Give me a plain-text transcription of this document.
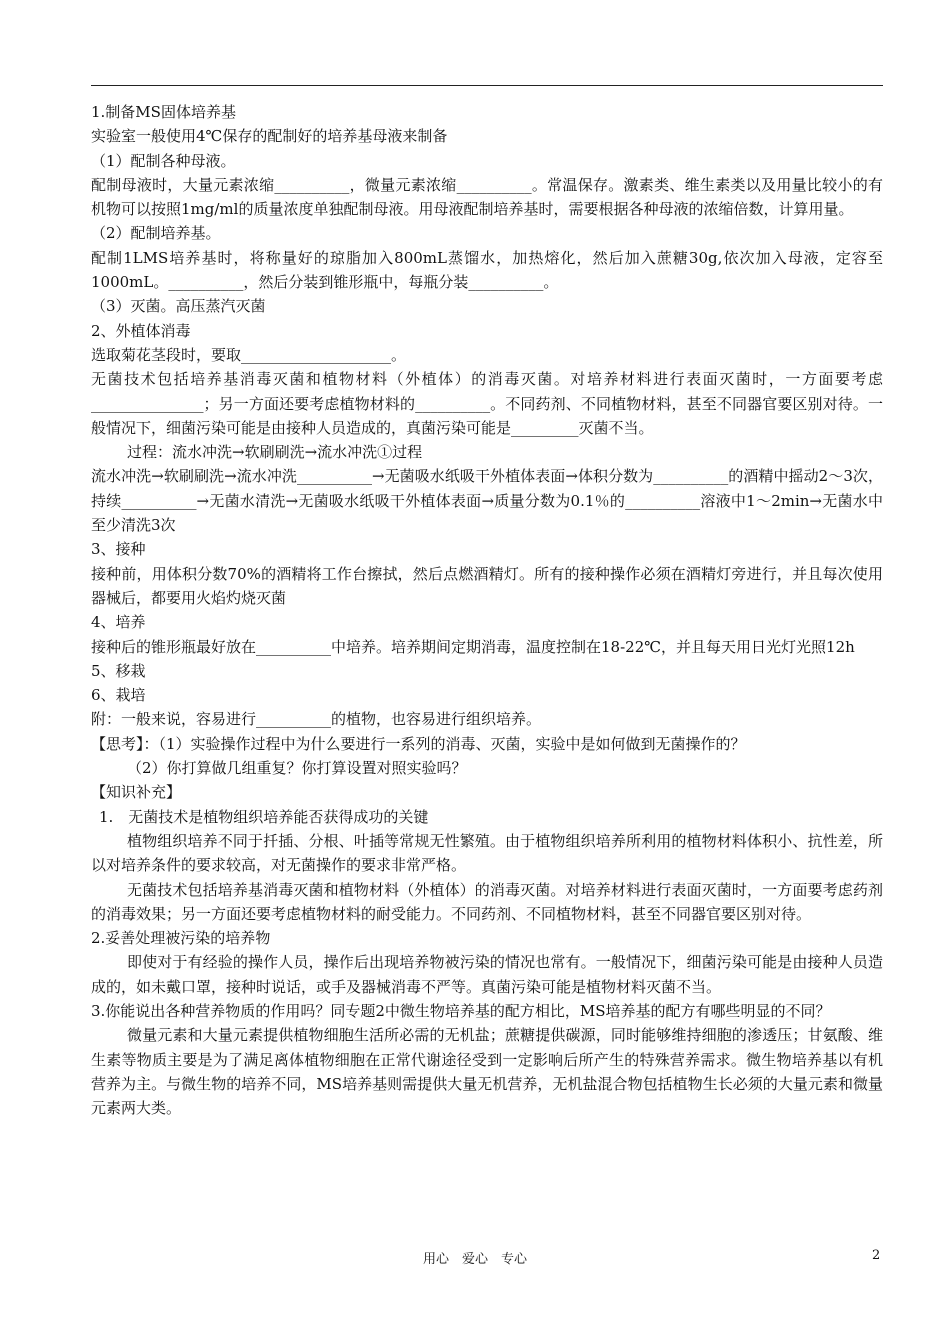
1.制备MS固体培养基

实验室一般使用4℃保存的配制好的培养基母液来制备

（1）配制各种母液。

配制母液时，大量元素浓缩__________，微量元素浓缩__________。常温保存。激素类、维生素类以及用量比较小的有机物可以按照1mg/ml的质量浓度单独配制母液。用母液配制培养基时，需要根据各种母液的浓缩倍数，计算用量。

（2）配制培养基。

配制1LMS培养基时，将称量好的琼脂加入800mL蒸馏水，加热熔化，然后加入蔗糖30g,依次加入母液，定容至1000mL。__________，然后分装到锥形瓶中，每瓶分装__________。

（3）灭菌。高压蒸汽灭菌

2、外植体消毒

选取菊花茎段时，要取____________________。

无菌技术包括培养基消毒灭菌和植物材料（外植体）的消毒灭菌。对培养材料进行表面灭菌时，一方面要考虑_______________；另一方面还要考虑植物材料的__________。不同药剂、不同植物材料，甚至不同器官要区别对待。一般情况下，细菌污染可能是由接种人员造成的，真菌污染可能是_________灭菌不当。

过程：流水冲洗→软刷刷洗→流水冲洗①过程

流水冲洗→软刷刷洗→流水冲洗__________→无菌吸水纸吸干外植体表面→体积分数为__________的酒精中摇动2～3次，持续__________→无菌水清洗→无菌吸水纸吸干外植体表面→质量分数为0.1％的__________溶液中1～2min→无菌水中至少清洗3次

3、接种

接种前，用体积分数70%的酒精将工作台擦拭，然后点燃酒精灯。所有的接种操作必须在酒精灯旁进行，并且每次使用器械后，都要用火焰灼烧灭菌

4、培养

接种后的锥形瓶最好放在__________中培养。培养期间定期消毒，温度控制在18-22℃，并且每天用日光灯光照12h

5、移栽

6、栽培

附：一般来说，容易进行__________的植物，也容易进行组织培养。

【思考】：（1）实验操作过程中为什么要进行一系列的消毒、灭菌，实验中是如何做到无菌操作的？

（2）你打算做几组重复？你打算设置对照实验吗？

【知识补充】

1.　无菌技术是植物组织培养能否获得成功的关键

植物组织培养不同于扦插、分根、叶插等常规无性繁殖。由于植物组织培养所利用的植物材料体积小、抗性差，所以对培养条件的要求较高，对无菌操作的要求非常严格。

无菌技术包括培养基消毒灭菌和植物材料（外植体）的消毒灭菌。对培养材料进行表面灭菌时，一方面要考虑药剂的消毒效果；另一方面还要考虑植物材料的耐受能力。不同药剂、不同植物材料，甚至不同器官要区别对待。

2.妥善处理被污染的培养物

即使对于有经验的操作人员，操作后出现培养物被污染的情况也常有。一般情况下，细菌污染可能是由接种人员造成的，如未戴口罩，接种时说话，或手及器械消毒不严等。真菌污染可能是植物材料灭菌不当。

3.你能说出各种营养物质的作用吗？同专题2中微生物培养基的配方相比，MS培养基的配方有哪些明显的不同？

微量元素和大量元素提供植物细胞生活所必需的无机盐；蔗糖提供碳源，同时能够维持细胞的渗透压；甘氨酸、维生素等物质主要是为了满足离体植物细胞在正常代谢途径受到一定影响后所产生的特殊营养需求。微生物培养基以有机营养为主。与微生物的培养不同，MS培养基则需提供大量无机营养，无机盐混合物包括植物生长必须的大量元素和微量元素两大类。

用心　爱心　专心	2
